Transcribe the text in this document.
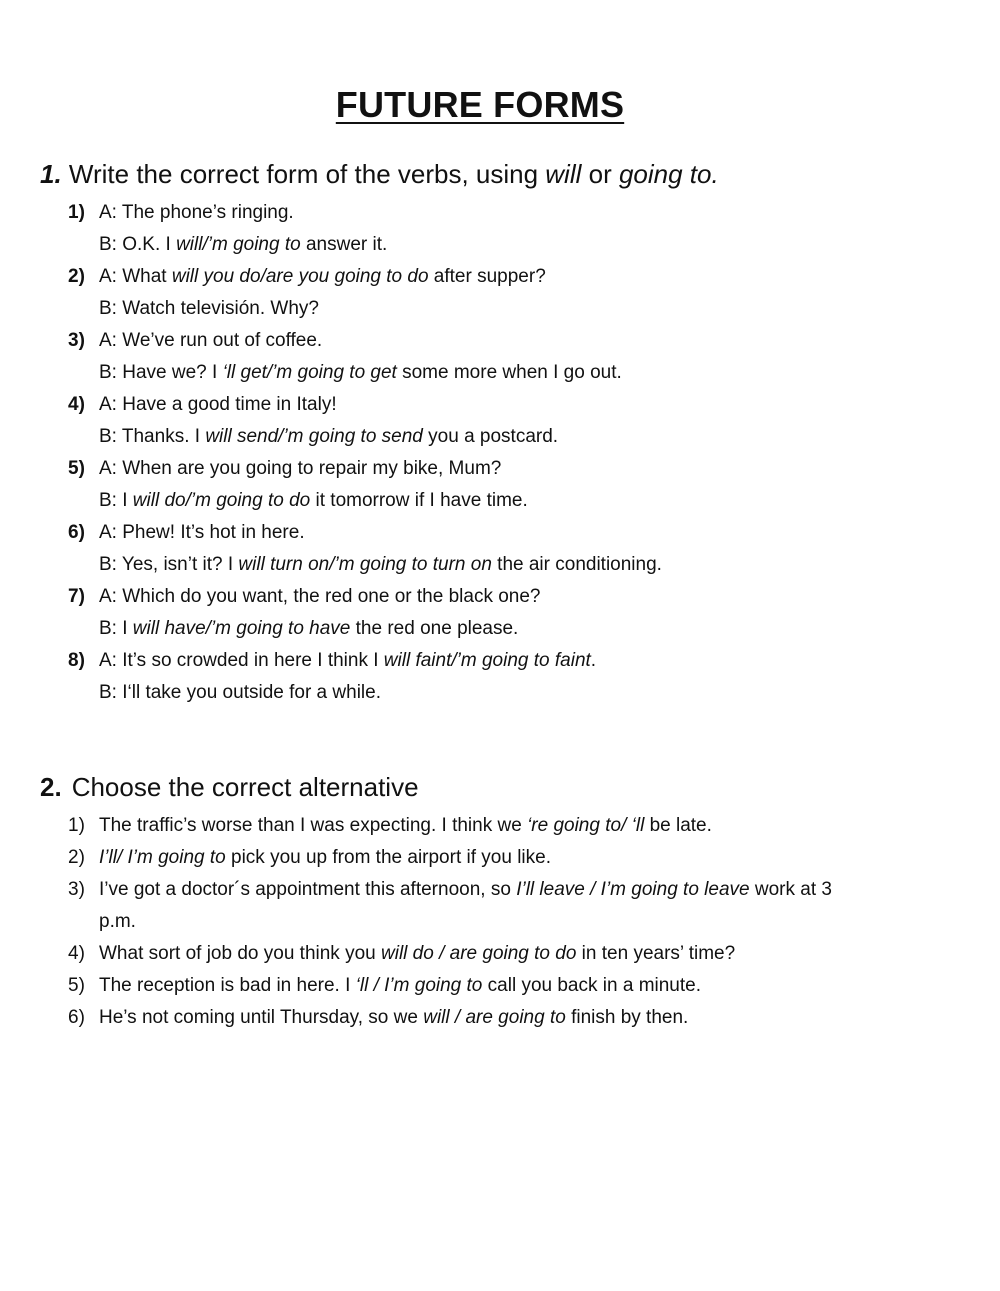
FUTURE FORMS
1. Write the correct form of the verbs, using will or going to.
1) A: The phone’s ringing.
B: O.K. I will/’m going to answer it.
2) A: What will you do/are you going to do after supper?
B: Watch televisión. Why?
3) A: We’ve run out of coffee.
B: Have we? I ‘ll get/’m going to get some more when I go out.
4) A: Have a good time in Italy!
B: Thanks. I will send/’m going to send you a postcard.
5) A: When are you going to repair my bike, Mum?
B: I will do/’m going to do it tomorrow if I have time.
6) A: Phew! It’s hot in here.
B: Yes, isn’t it? I will turn on/’m going to turn on the air conditioning.
7) A: Which do you want, the red one or the black one?
B: I will have/’m going to have the red one please.
8) A: It’s so crowded in here I think I will faint/’m going to faint.
B: I‘ll take you outside for a while.
2. Choose the correct alternative
1) The traffic’s worse than I was expecting. I think we ‘re going to/ ‘ll be late.
2) I’ll/ I’m going to pick you up from the airport if you like.
3) I’ve got a doctor´s appointment this afternoon, so I’ll leave / I’m going to leave work at 3
p.m.
4) What sort of job do you think you will do / are going to do in ten years’ time?
5) The reception is bad in here. I ‘ll / I’m going to call you back in a minute.
6) He’s not coming until Thursday, so we will / are going to finish by then.
